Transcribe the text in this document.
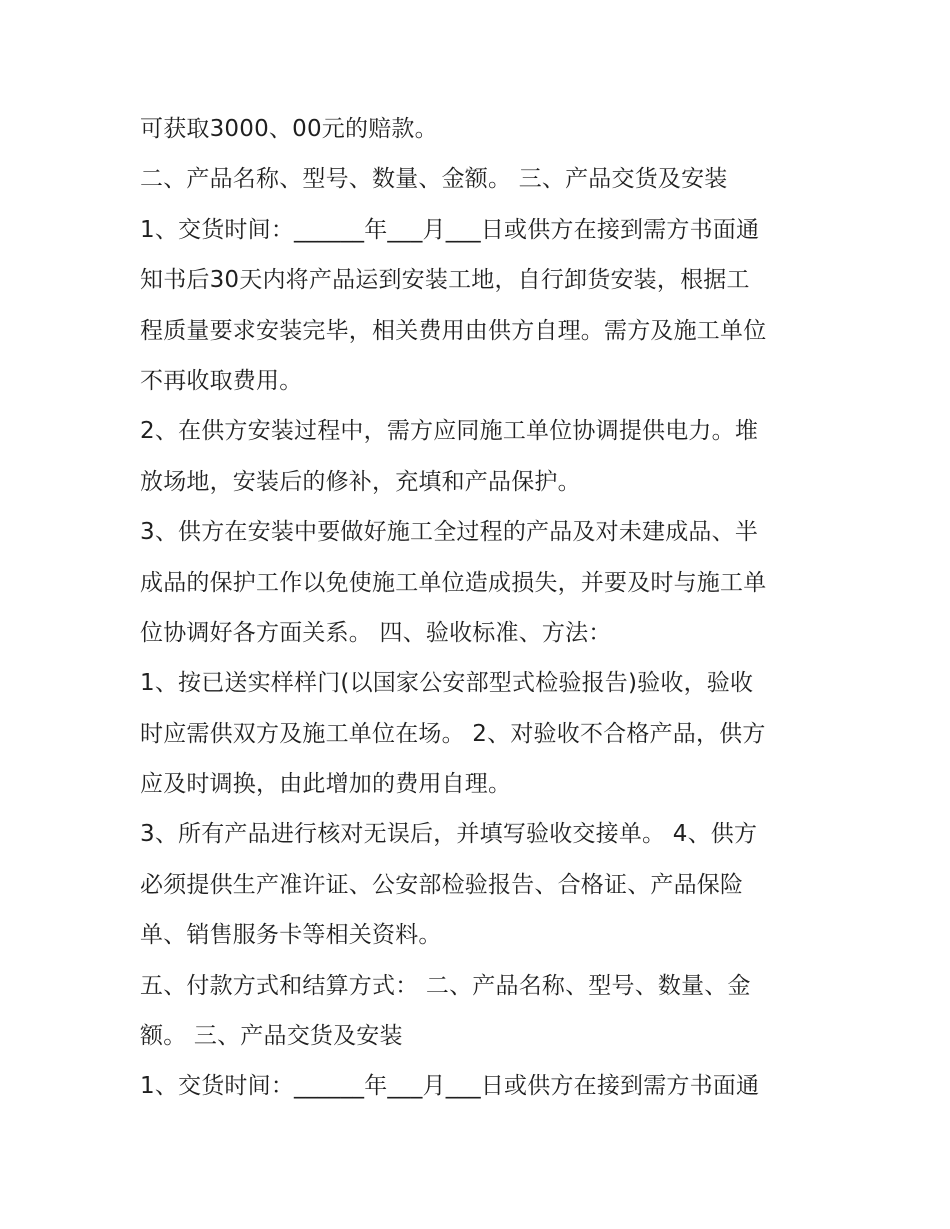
可获取3000、00元的赔款。
二、产品名称、型号、数量、金额。 三、产品交货及安装
1、交货时间：______年___月___日或供方在接到需方书面通
知书后30天内将产品运到安装工地，自行卸货安装，根据工
程质量要求安装完毕，相关费用由供方自理。需方及施工单位
不再收取费用。
2、在供方安装过程中，需方应同施工单位协调提供电力。堆
放场地，安装后的修补，充填和产品保护。
3、供方在安装中要做好施工全过程的产品及对未建成品、半
成品的保护工作以免使施工单位造成损失，并要及时与施工单
位协调好各方面关系。 四、验收标准、方法：
1、按已送实样样门(以国家公安部型式检验报告)验收，验收
时应需供双方及施工单位在场。 2、对验收不合格产品，供方
应及时调换，由此增加的费用自理。
3、所有产品进行核对无误后，并填写验收交接单。 4、供方
必须提供生产准许证、公安部检验报告、合格证、产品保险
单、销售服务卡等相关资料。
五、付款方式和结算方式： 二、产品名称、型号、数量、金
额。 三、产品交货及安装
1、交货时间：______年___月___日或供方在接到需方书面通
